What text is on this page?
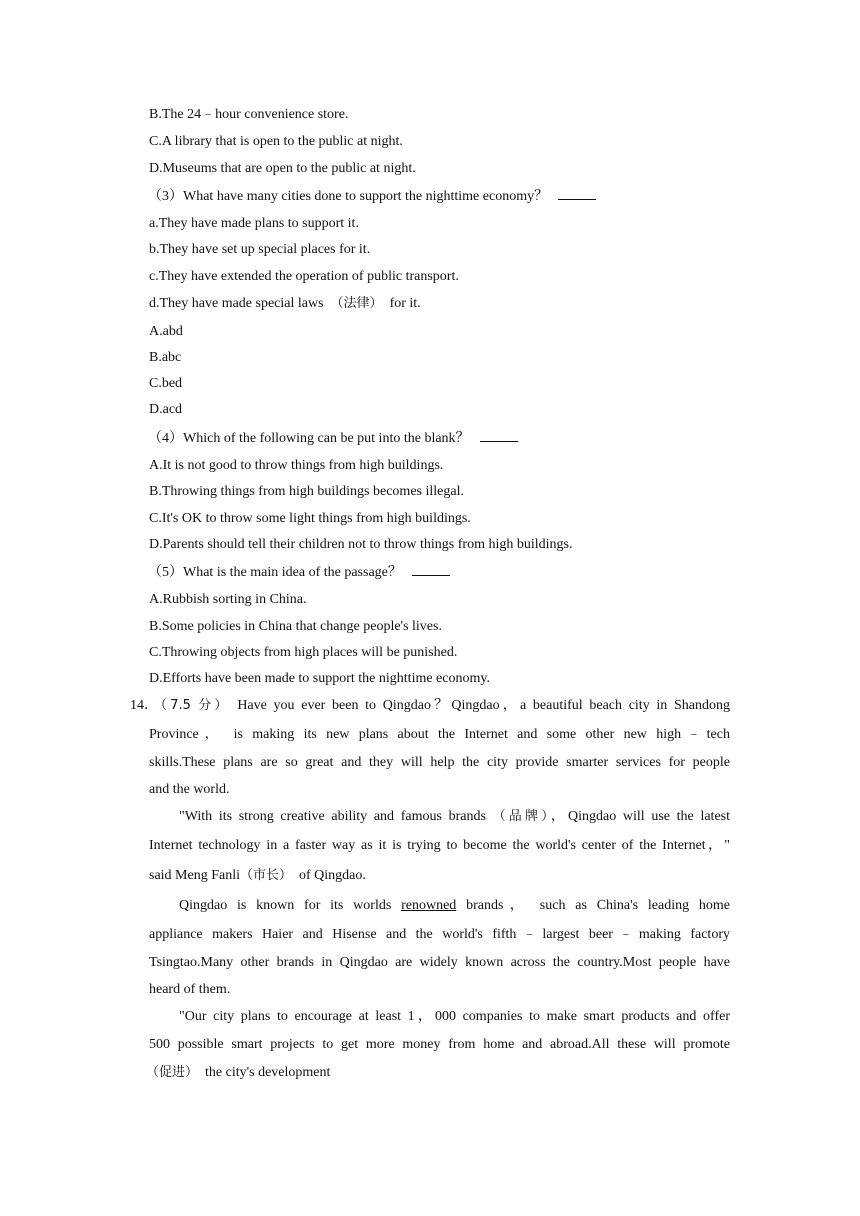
B.The 24﹣hour convenience store.
C.A library that is open to the public at night.
D.Museums that are open to the public at night.
（3）What have many cities done to support the nighttime economy？
a.They have made plans to support it.
b.They have set up special places for it.
c.They have extended the operation of public transport.
d.They have made special laws （法律） for it.
A.abd
B.abc
C.bed
D.acd
（4）Which of the following can be put into the blank？
A.It is not good to throw things from high buildings.
B.Throwing things from high buildings becomes illegal.
C.It's OK to throw some light things from high buildings.
D.Parents should tell their children not to throw things from high buildings.
（5）What is the main idea of the passage？
A.Rubbish sorting in China.
B.Some policies in China that change people's lives.
C.Throwing objects from high places will be punished.
D.Efforts have been made to support the nighttime economy.
14．
（7.5 分） Have you ever been to Qingdao？Qingdao，a beautiful beach city in Shandong
Province， is making its new plans about the Internet and some other new high﹣tech
skills.These plans are so great and they will help the city provide smarter services for people
and the world.
"With its strong creative ability and famous brands （品牌），Qingdao will use the latest
Internet technology in a faster way as it is trying to become the world's center of the Internet，"
said Meng Fanli（市长） of Qingdao.
Qingdao is known for its worlds renowned brands， such as China's leading home
appliance makers Haier and Hisense and the world's fifth﹣largest beer﹣making factory
Tsingtao.Many other brands in Qingdao are widely known across the country.Most people have
heard of them.
"Our city plans to encourage at least 1，000 companies to make smart products and offer
500 possible smart projects to get more money from home and abroad.All these will promote
（促进） the city's development
